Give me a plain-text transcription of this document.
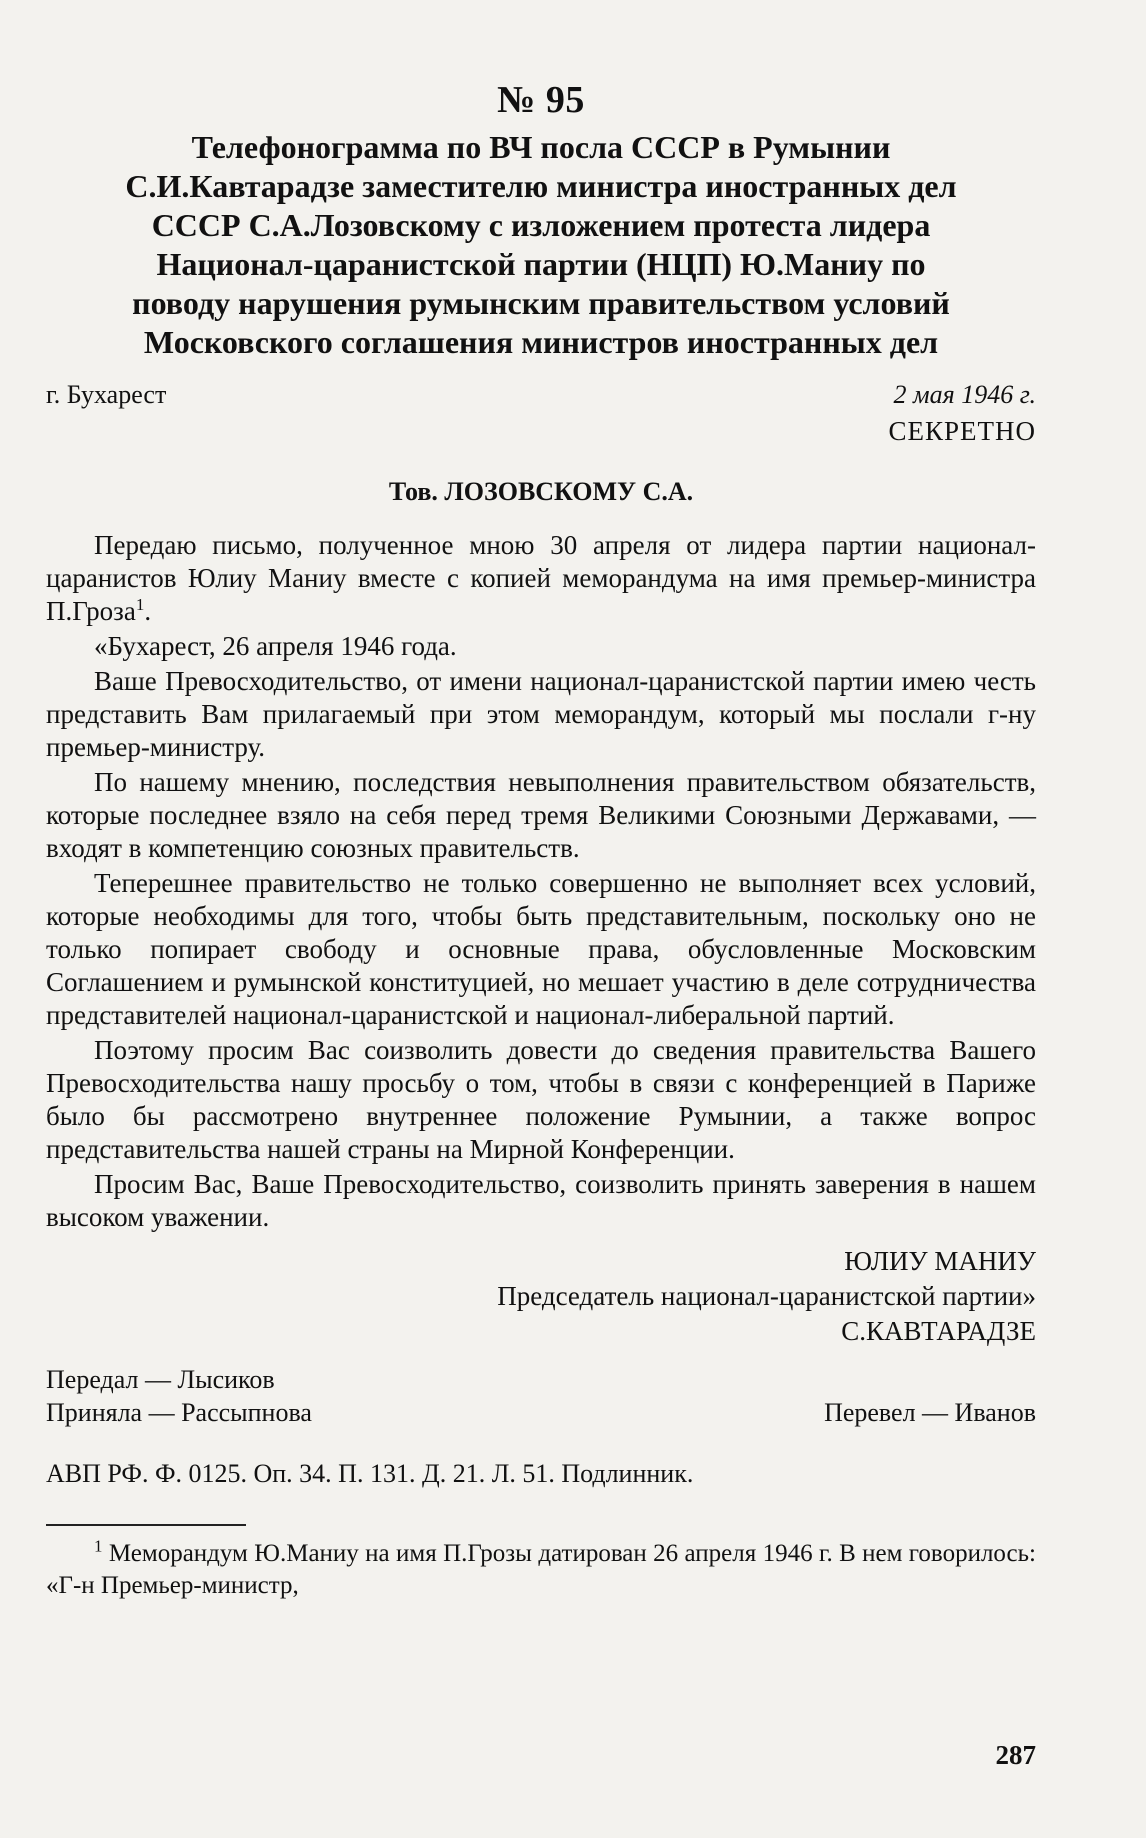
№ 95
Телефонограмма по ВЧ посла СССР в Румынии
С.И.Кавтарадзе заместителю министра иностранных дел
СССР С.А.Лозовскому с изложением протеста лидера
Национал-царанистской партии (НЦП) Ю.Маниу по
поводу нарушения румынским правительством условий
Московского соглашения министров иностранных дел
г. Бухарест	2 мая 1946 г.
СЕКРЕТНО
Тов. ЛОЗОВСКОМУ С.А.

Передаю письмо, полученное мною 30 апреля от лидера партии национал-царанистов Юлиу Маниу вместе с копией меморандума на имя премьер-министра П.Гроза$^1$.

«Бухарест, 26 апреля 1946 года.

Ваше Превосходительство, от имени национал-царанистской партии имею честь представить Вам прилагаемый при этом меморандум, который мы послали г-ну премьер-министру.

По нашему мнению, последствия невыполнения правительством обязательств, которые последнее взяло на себя перед тремя Великими Союзными Державами, — входят в компетенцию союзных правительств.

Теперешнее правительство не только совершенно не выполняет всех условий, которые необходимы для того, чтобы быть представительным, поскольку оно не только попирает свободу и основные права, обусловленные Московским Соглашением и румынской конституцией, но мешает участию в деле сотрудничества представителей национал-царанистской и национал-либеральной партий.

Поэтому просим Вас соизволить довести до сведения правительства Вашего Превосходительства нашу просьбу о том, чтобы в связи с конференцией в Париже было бы рассмотрено внутреннее положение Румынии, а также вопрос представительства нашей страны на Мирной Конференции.

Просим Вас, Ваше Превосходительство, соизволить принять заверения в нашем высоком уважении.

ЮЛИУ МАНИУ
Председатель национал-царанистской партии»
С.КАВТАРАДЗЕ
Передал — Лысиков
Приняла — Рассыпнова	Перевел — Иванов
АВП РФ. Ф. 0125. Оп. 34. П. 131. Д. 21. Л. 51. Подлинник.
$^1$ Меморандум Ю.Маниу на имя П.Грозы датирован 26 апреля 1946 г. В нем говорилось: «Г-н Премьер-министр,
287
